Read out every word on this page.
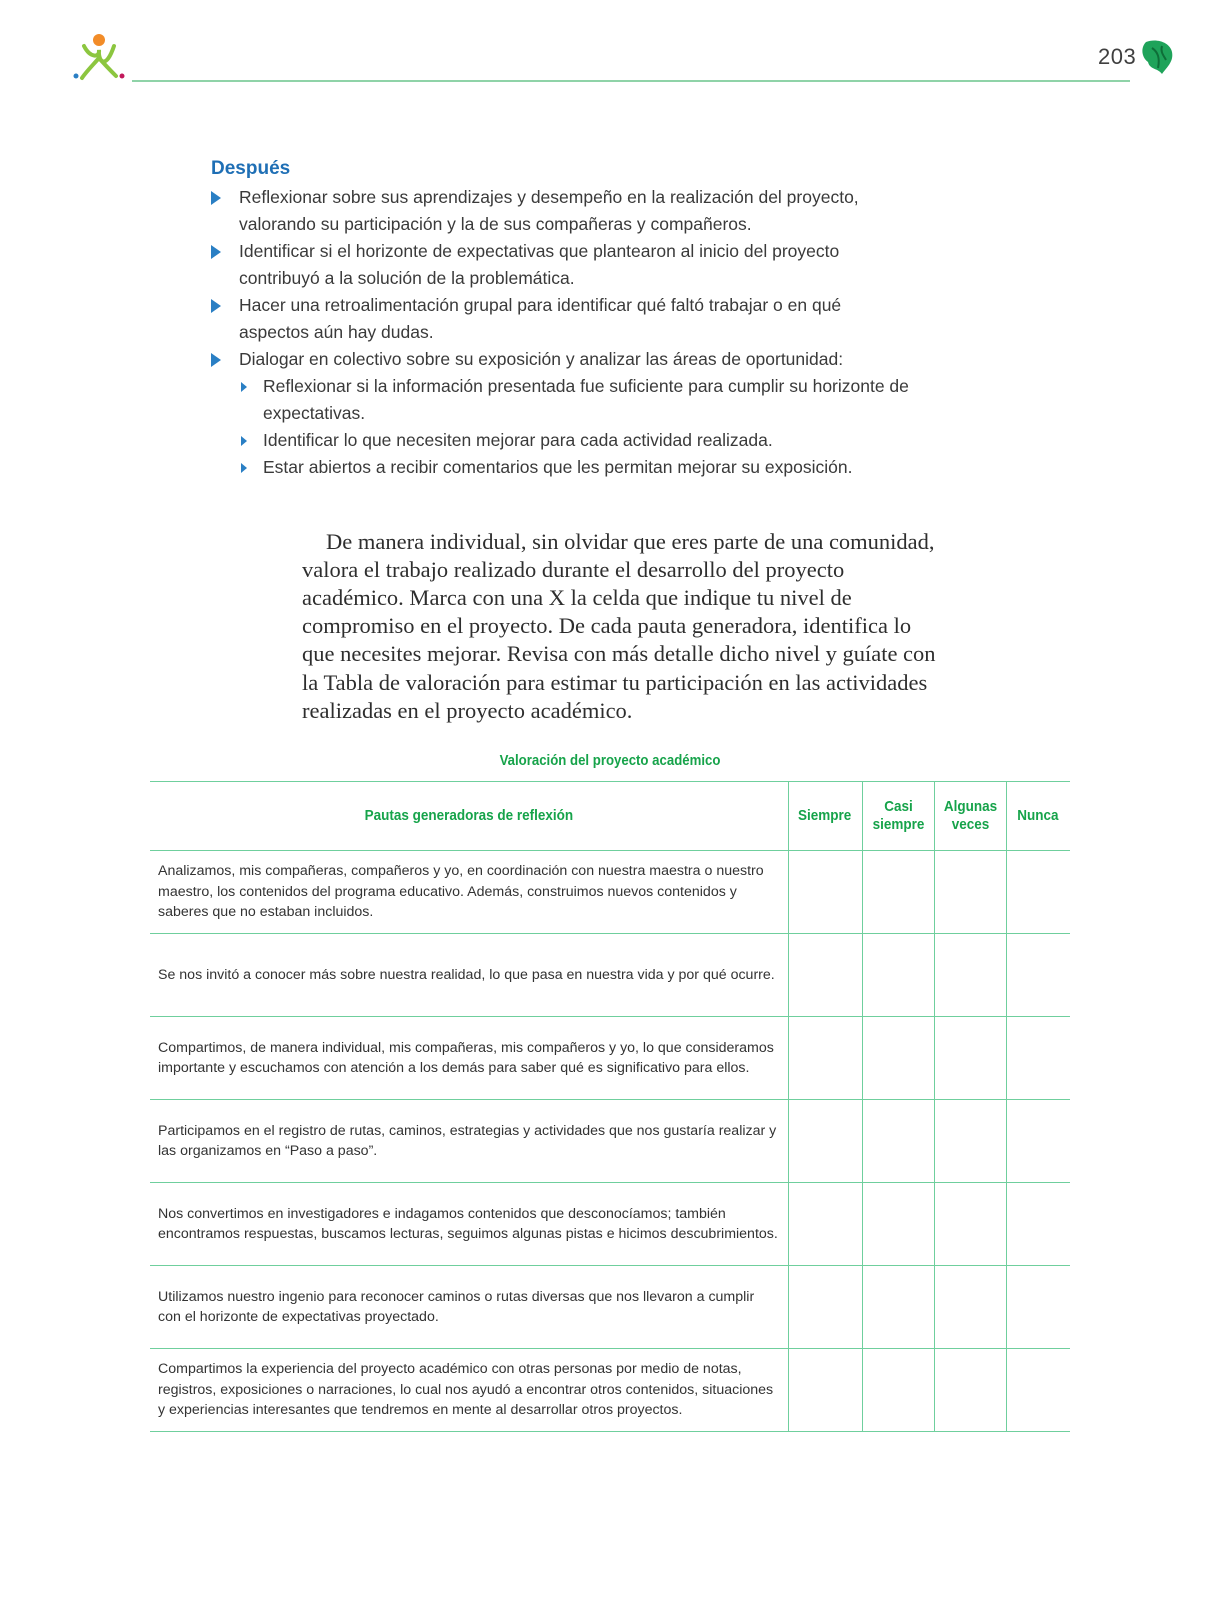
203
Después
Reflexionar sobre sus aprendizajes y desempeño en la realización del proyecto, valorando su participación y la de sus compañeras y compañeros.
Identificar si el horizonte de expectativas que plantearon al inicio del proyecto contribuyó a la solución de la problemática.
Hacer una retroalimentación grupal para identificar qué faltó trabajar o en qué aspectos aún hay dudas.
Dialogar en colectivo sobre su exposición y analizar las áreas de oportunidad:
Reflexionar si la información presentada fue suficiente para cumplir su horizonte de expectativas.
Identificar lo que necesiten mejorar para cada actividad realizada.
Estar abiertos a recibir comentarios que les permitan mejorar su exposición.

De manera individual, sin olvidar que eres parte de una comunidad, valora el trabajo realizado durante el desarrollo del proyecto académico. Marca con una X la celda que indique tu nivel de compromiso en el proyecto. De cada pauta generadora, identifica lo que necesites mejorar. Revisa con más detalle dicho nivel y guíate con la Tabla de valoración para estimar tu participación en las actividades realizadas en el proyecto académico.

Valoración del proyecto académico
Pautas generadoras de reflexión	Siempre	Casi siempre	Algunas veces	Nunca
Analizamos, mis compañeras, compañeros y yo, en coordinación con nuestra maestra o nuestro maestro, los contenidos del programa educativo. Además, construimos nuevos contenidos y saberes que no estaban incluidos.				
Se nos invitó a conocer más sobre nuestra realidad, lo que pasa en nuestra vida y por qué ocurre.				
Compartimos, de manera individual, mis compañeras, mis compañeros y yo, lo que consideramos importante y escuchamos con atención a los demás para saber qué es significativo para ellos.				
Participamos en el registro de rutas, caminos, estrategias y actividades que nos gustaría realizar y las organizamos en “Paso a paso”.				
Nos convertimos en investigadores e indagamos contenidos que desconocíamos; también encontramos respuestas, buscamos lecturas, seguimos algunas pistas e hicimos descubrimientos.				
Utilizamos nuestro ingenio para reconocer caminos o rutas diversas que nos llevaron a cumplir con el horizonte de expectativas proyectado.				
Compartimos la experiencia del proyecto académico con otras personas por medio de notas, registros, exposiciones o narraciones, lo cual nos ayudó a encontrar otros contenidos, situaciones y experiencias interesantes que tendremos en mente al desarrollar otros proyectos.				
